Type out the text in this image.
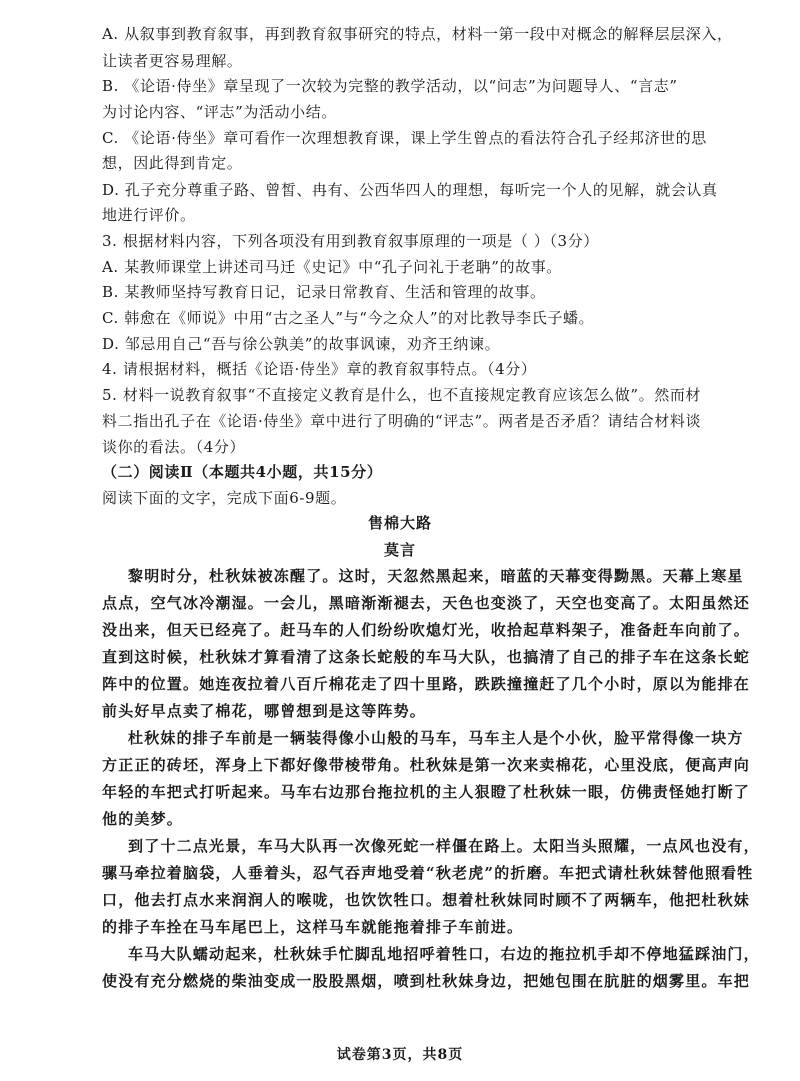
A. 从叙事到教育叙事，再到教育叙事研究的特点，材料一第一段中对概念的解释层层深入，
让读者更容易理解。
B. 《论语·侍坐》章呈现了一次较为完整的教学活动，以“问志”为问题导人、“言志”
为讨论内容、“评志”为活动小结。
C. 《论语·侍坐》章可看作一次理想教育课，课上学生曾点的看法符合孔子经邦济世的思
想，因此得到肯定。
D. 孔子充分尊重子路、曾皙、冉有、公西华四人的理想，每听完一个人的见解，就会认真
地进行评价。
3. 根据材料内容，下列各项没有用到教育叙事原理的一项是（ ）（3分）
A. 某教师课堂上讲述司马迁《史记》中“孔子问礼于老聃”的故事。
B. 某教师坚持写教育日记，记录日常教育、生活和管理的故事。
C. 韩愈在《师说》中用“古之圣人”与“今之众人”的对比教导李氏子蟠。
D. 邹忌用自己“吾与徐公孰美”的故事讽谏，劝齐王纳谏。
4. 请根据材料，概括《论语·侍坐》章的教育叙事特点。（4分）
5. 材料一说教育叙事“不直接定义教育是什么，也不直接规定教育应该怎么做”。然而材
料二指出孔子在《论语·侍坐》章中进行了明确的“评志”。两者是否矛盾？请结合材料谈
谈你的看法。（4分）
（二）阅读Ⅱ（本题共4小题，共15分）
阅读下面的文字，完成下面6-9题。
售棉大路
莫言
黎明时分，杜秋妹被冻醒了。这时，天忽然黑起来，暗蓝的天幕变得黝黑。天幕上寒星
点点，空气冰冷潮湿。一会儿，黑暗渐渐褪去，天色也变淡了，天空也变高了。太阳虽然还
没出来，但天已经亮了。赶马车的人们纷纷吹熄灯光，收拾起草料架子，准备赶车向前了。
直到这时候，杜秋妹才算看清了这条长蛇般的车马大队，也搞清了自己的排子车在这条长蛇
阵中的位置。她连夜拉着八百斤棉花走了四十里路，跌跌撞撞赶了几个小时，原以为能排在
前头好早点卖了棉花，哪曾想到是这等阵势。
杜秋妹的排子车前是一辆装得像小山般的马车，马车主人是个小伙，脸平常得像一块方
方正正的砖坯，浑身上下都好像带棱带角。杜秋妹是第一次来卖棉花，心里没底，便高声向
年轻的车把式打听起来。马车右边那台拖拉机的主人狠瞪了杜秋妹一眼，仿佛责怪她打断了
他的美梦。
到了十二点光景，车马大队再一次像死蛇一样僵在路上。太阳当头照耀，一点风也没有，
骡马牵拉着脑袋，人垂着头，忍气吞声地受着“秋老虎”的折磨。车把式请杜秋妹替他照看牲
口，他去打点水来润润人的喉咙，也饮饮牲口。想着杜秋妹同时顾不了两辆车，他把杜秋妹
的排子车拴在马车尾巴上，这样马车就能拖着排子车前进。
车马大队蠕动起来，杜秋妹手忙脚乱地招呼着牲口，右边的拖拉机手却不停地猛踩油门，
使没有充分燃烧的柴油变成一股股黑烟，喷到杜秋妹身边，把她包围在肮脏的烟雾里。车把
试卷第3页，共8页
